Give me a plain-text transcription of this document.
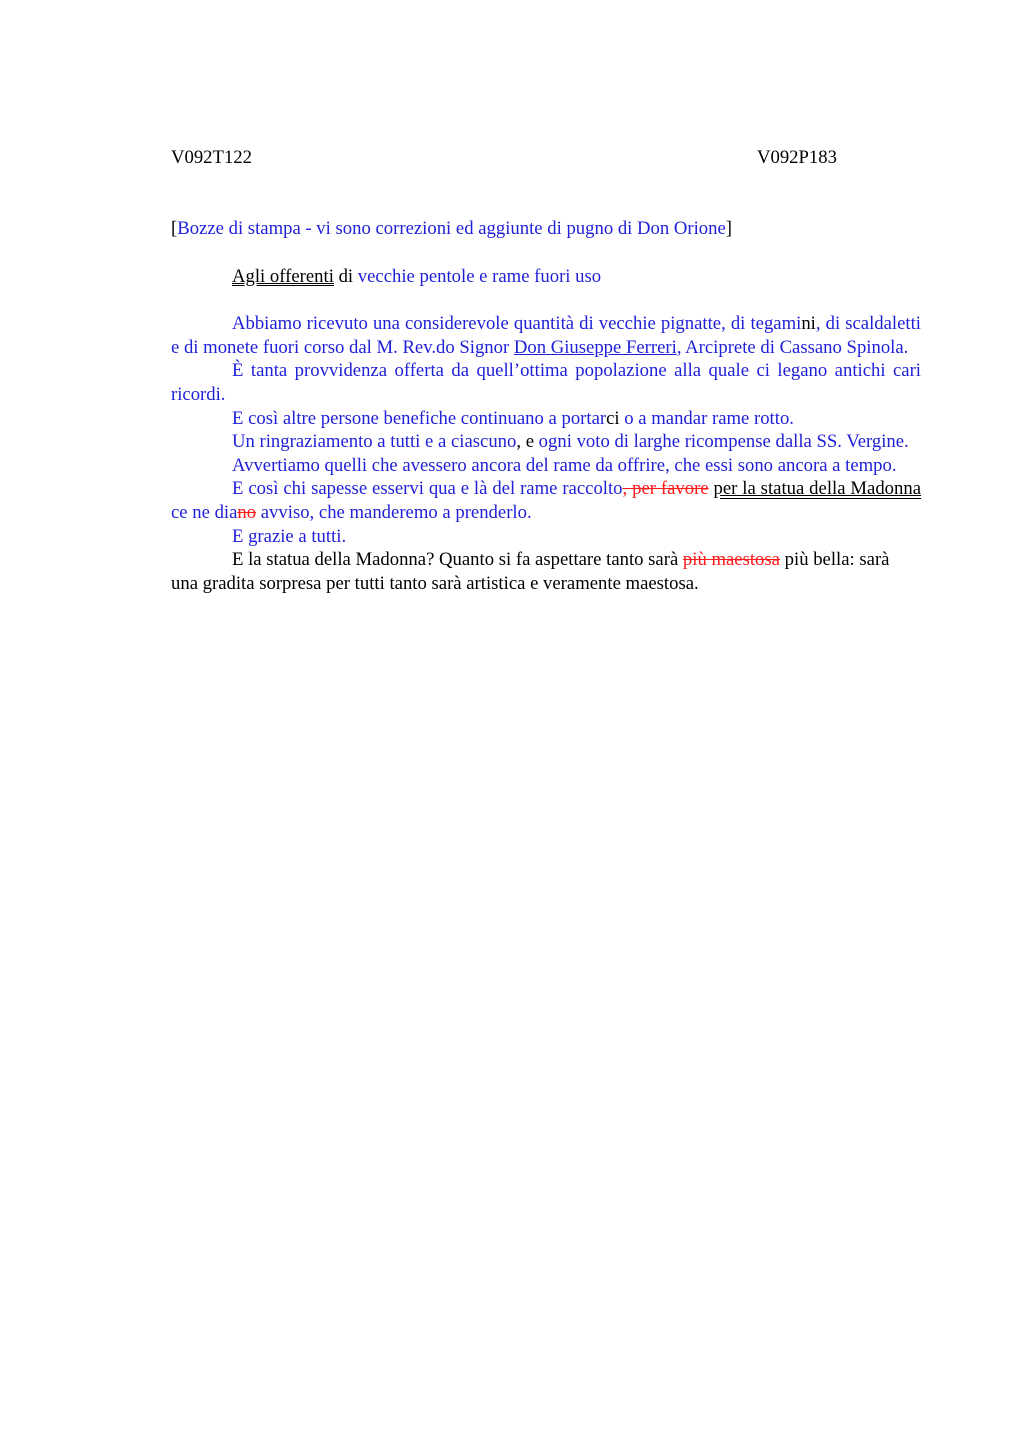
V092T122	V092P183
[Bozze di stampa - vi sono correzioni ed aggiunte di pugno di Don Orione]
Agli offerenti di vecchie pentole e rame fuori uso

Abbiamo ricevuto una considerevole quantità di vecchie pignatte, di tegamini, di scaldaletti e di monete fuori corso dal M. Rev.do Signor Don Giuseppe Ferreri, Arciprete di Cassano Spinola.

È tanta provvidenza offerta da quell’ottima popolazione alla quale ci legano antichi cari ricordi.

E così altre persone benefiche continuano a portarci o a mandar rame rotto.

Un ringraziamento a tutti e a ciascuno, e ogni voto di larghe ricompense dalla SS. Vergine.

Avvertiamo quelli che avessero ancora del rame da offrire, che essi sono ancora a tempo.

E così chi sapesse esservi qua e là del rame raccolto, per favore per la statua della Madonna ce ne diano avviso, che manderemo a prenderlo.

E grazie a tutti.

E la statua della Madonna? Quanto si fa aspettare tanto sarà più maestosa più bella: sarà una gradita sorpresa per tutti tanto sarà artistica e veramente maestosa.
